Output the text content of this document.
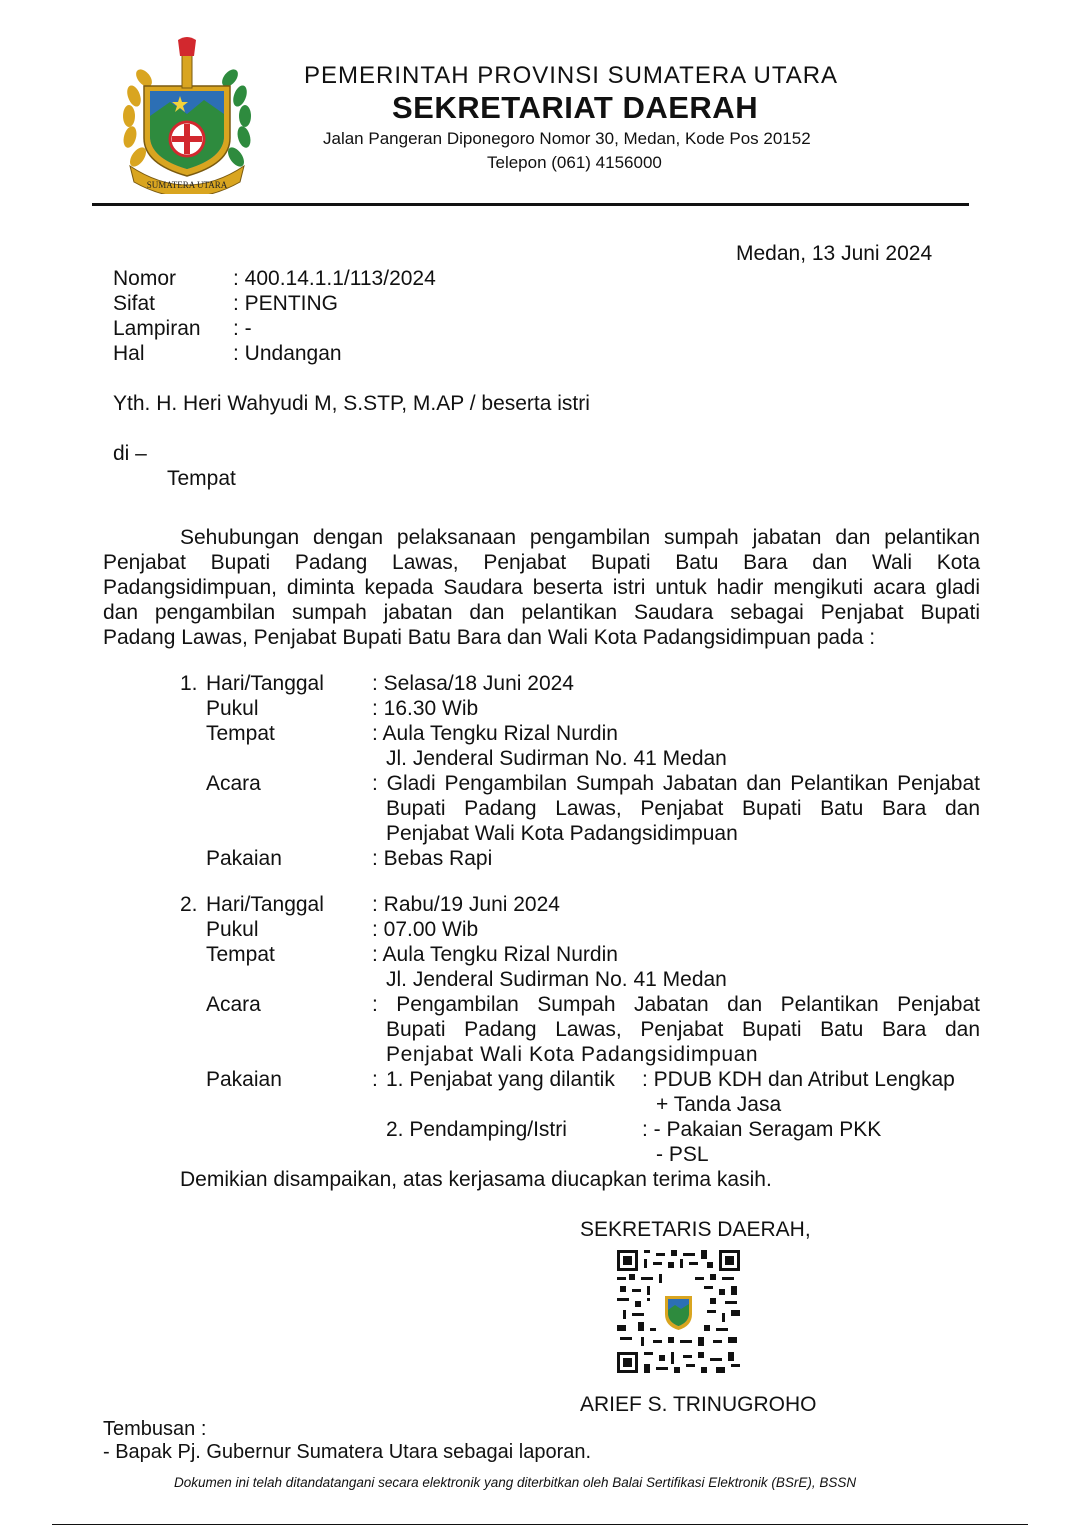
SUMATERA UTARA
PEMERINTAH PROVINSI SUMATERA UTARA
SEKRETARIAT DAERAH
Jalan Pangeran Diponegoro Nomor 30, Medan, Kode Pos 20152
Telepon (061) 4156000
Medan, 13 Juni 2024
Nomor	: 400.14.1.1/113/2024
Sifat	: PENTING
Lampiran : -
Hal	: Undangan
Yth. H. Heri Wahyudi M, S.STP, M.AP / beserta istri
di –
Tempat
Sehubungan dengan pelaksanaan pengambilan sumpah jabatan dan pelantikan
Penjabat Bupati Padang Lawas, Penjabat Bupati Batu Bara dan Wali Kota
Padangsidimpuan, diminta kepada Saudara beserta istri untuk hadir mengikuti acara gladi
dan pengambilan sumpah jabatan dan pelantikan Saudara sebagai Penjabat Bupati
Padang Lawas, Penjabat Bupati Batu Bara dan Wali Kota Padangsidimpuan pada :
1. Hari/Tanggal : Selasa/18 Juni 2024
Pukul	: 16.30 Wib
Tempat	: Aula Tengku Rizal Nurdin
Jl. Jenderal Sudirman No. 41 Medan
Acara	: Gladi Pengambilan Sumpah Jabatan dan Pelantikan Penjabat
Bupati Padang Lawas, Penjabat Bupati Batu Bara dan
Penjabat Wali Kota Padangsidimpuan
Pakaian	: Bebas Rapi
2. Hari/Tanggal : Rabu/19 Juni 2024
Pukul	: 07.00 Wib
Tempat	: Aula Tengku Rizal Nurdin
Jl. Jenderal Sudirman No. 41 Medan
Acara	: Pengambilan Sumpah Jabatan dan Pelantikan Penjabat
Bupati Padang Lawas, Penjabat Bupati Batu Bara dan
Penjabat Wali Kota Padangsidimpuan
Pakaian	: 1. Penjabat yang dilantik : PDUB KDH dan Atribut Lengkap
+ Tanda Jasa
2. Pendamping/Istri	: - Pakaian Seragam PKK
- PSL
Demikian disampaikan, atas kerjasama diucapkan terima kasih.
SEKRETARIS DAERAH,
ARIEF S. TRINUGROHO
Tembusan :
- Bapak Pj. Gubernur Sumatera Utara sebagai laporan.
Dokumen ini telah ditandatangani secara elektronik yang diterbitkan oleh Balai Sertifikasi Elektronik (BSrE), BSSN
